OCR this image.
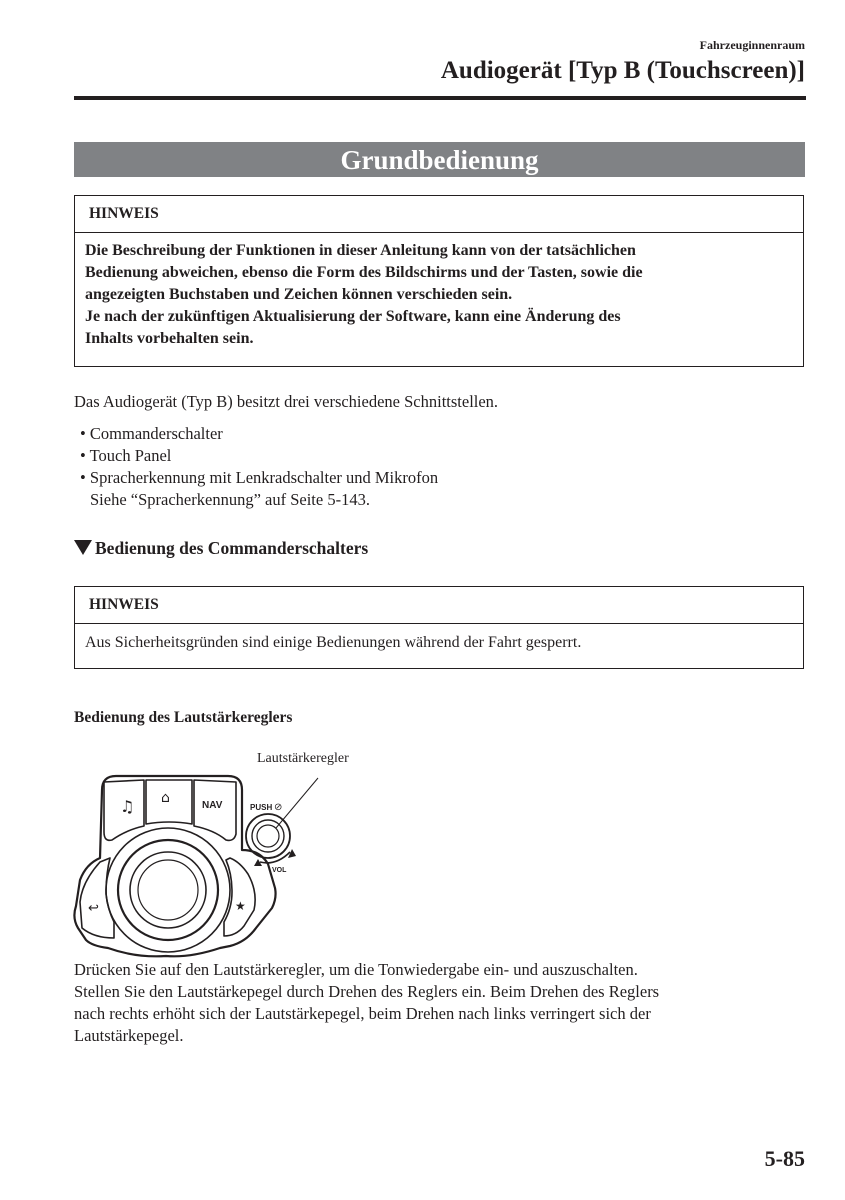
Fahrzeuginnenraum
Audiogerät [Typ B (Touchscreen)]
Grundbedienung
HINWEIS
Die Beschreibung der Funktionen in dieser Anleitung kann von der tatsächlichen
Bedienung abweichen, ebenso die Form des Bildschirms und der Tasten, sowie die
angezeigten Buchstaben und Zeichen können verschieden sein.
Je nach der zukünftigen Aktualisierung der Software, kann eine Änderung des
Inhalts vorbehalten sein.
Das Audiogerät (Typ B) besitzt drei verschiedene Schnittstellen.
• Commanderschalter
• Touch Panel
• Spracherkennung mit Lenkradschalter und Mikrofon
Siehe “Spracherkennung” auf Seite 5-143.
Bedienung des Commanderschalters
HINWEIS
Aus Sicherheitsgründen sind einige Bedienungen während der Fahrt gesperrt.
Bedienung des Lautstärkereglers
Lautstärkeregler
♫ ⌂	NAV	PUSH ⊘
VOL
↩	★
Drücken Sie auf den Lautstärkeregler, um die Tonwiedergabe ein- und auszuschalten.
Stellen Sie den Lautstärkepegel durch Drehen des Reglers ein. Beim Drehen des Reglers
nach rechts erhöht sich der Lautstärkepegel, beim Drehen nach links verringert sich der
Lautstärkepegel.
5-85
